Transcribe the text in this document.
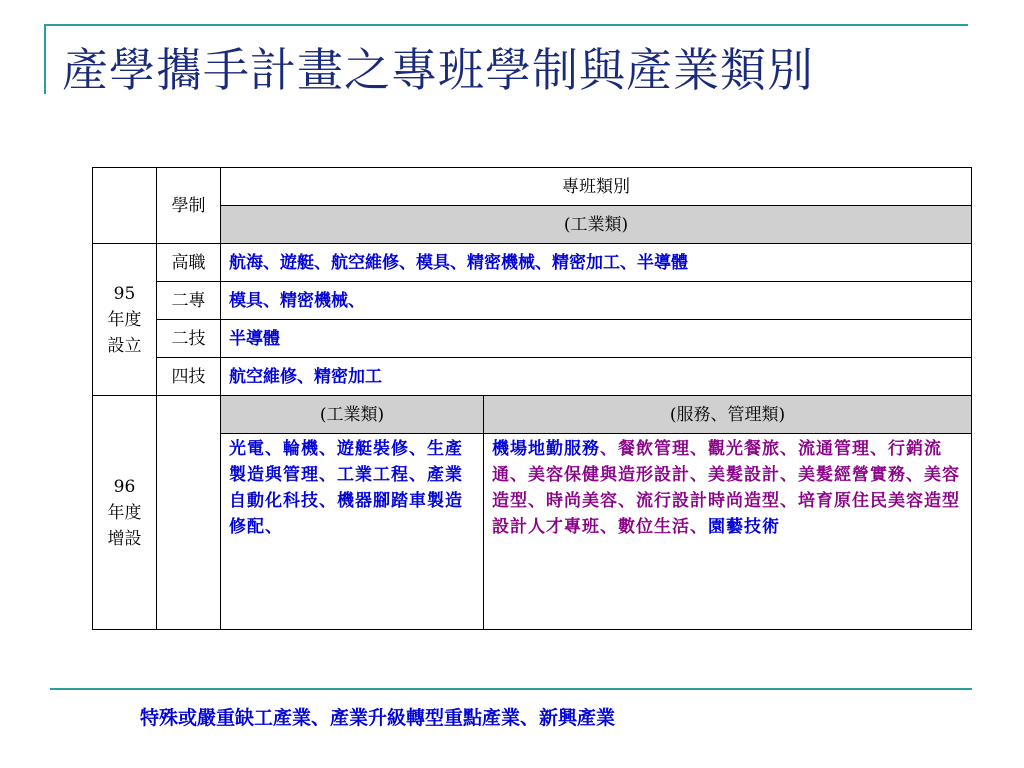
產學攜手計畫之專班學制與產業類別
	學制	專班類別	
		(工業類)	

95
年度
設立	高職	航海、遊艇、航空維修、模具、精密機械、精密加工、半導體	
	二專	模具、精密機械、	
	二技	半導體	
	四技	航空維修、精密加工	

96
年度
增設		(工業類)	(服務、管理類)
		光電、輪機、遊艇裝修、生產製造與管理、工業工程、產業自動化科技、機器腳踏車製造修配、	機場地勤服務、餐飲管理、觀光餐旅、流通管理、行銷流通、美容保健與造形設計、美髮設計、美髮經營實務、美容造型、時尚美容、流行設計時尚造型、培育原住民美容造型設計人才專班、數位生活、園藝技術
特殊或嚴重缺工產業、產業升級轉型重點產業、新興產業
